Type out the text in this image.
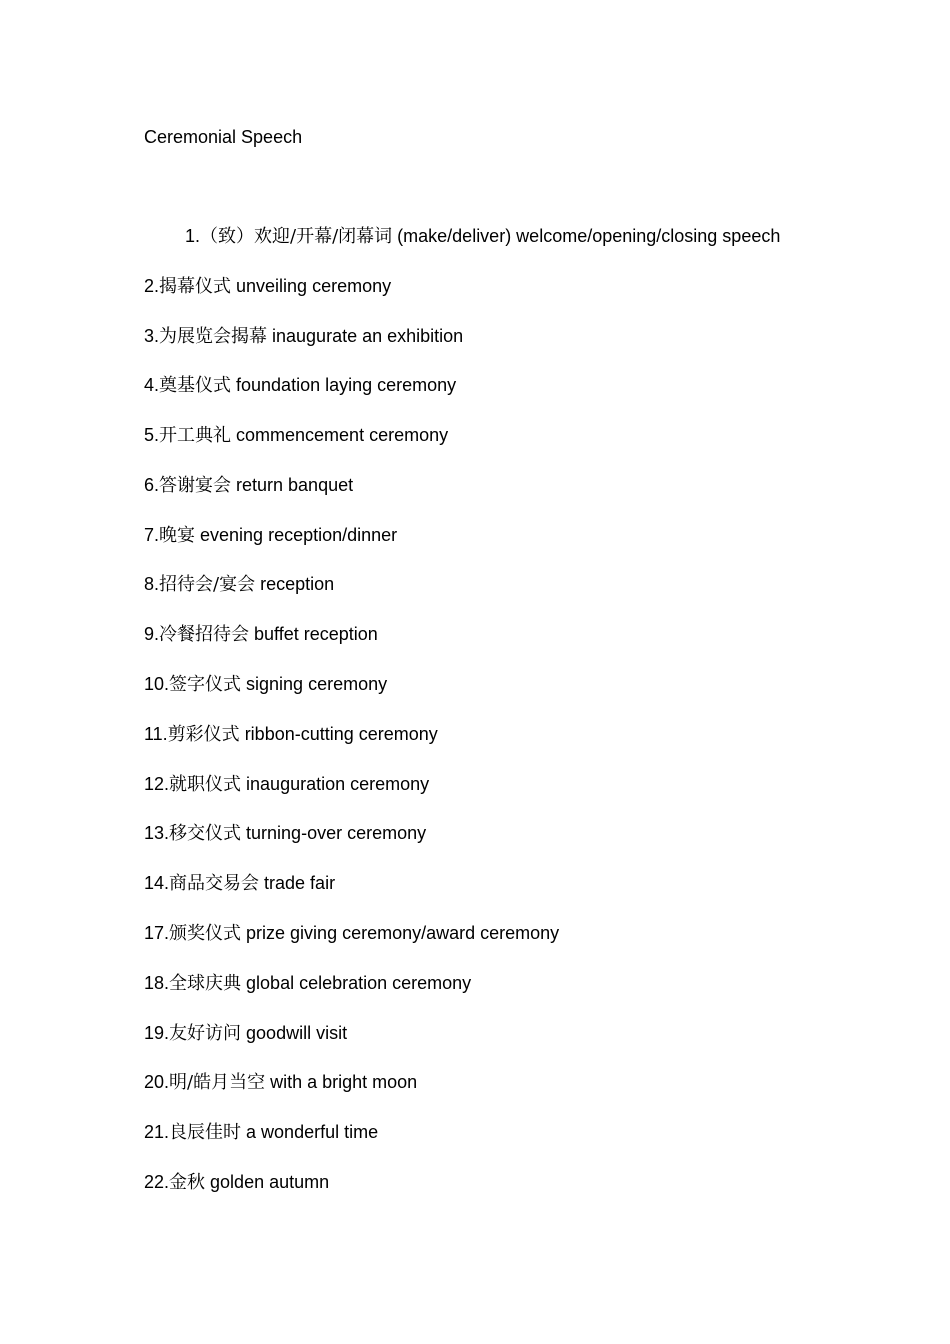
Ceremonial Speech
1.（致）欢迎/开幕/闭幕词 (make/deliver) welcome/opening/closing speech
2.揭幕仪式 unveiling ceremony
3.为展览会揭幕 inaugurate an exhibition
4.奠基仪式 foundation laying ceremony
5.开工典礼 commencement ceremony
6.答谢宴会 return banquet
7.晚宴 evening reception/dinner
8.招待会/宴会 reception
9.冷餐招待会 buffet reception
10.签字仪式 signing ceremony
11.剪彩仪式 ribbon-cutting ceremony
12.就职仪式 inauguration ceremony
13.移交仪式 turning-over ceremony
14.商品交易会 trade fair
17.颁奖仪式 prize giving ceremony/award ceremony
18.全球庆典 global celebration ceremony
19.友好访问 goodwill visit
20.明/皓月当空 with a bright moon
21.良辰佳时 a wonderful time
22.金秋 golden autumn
